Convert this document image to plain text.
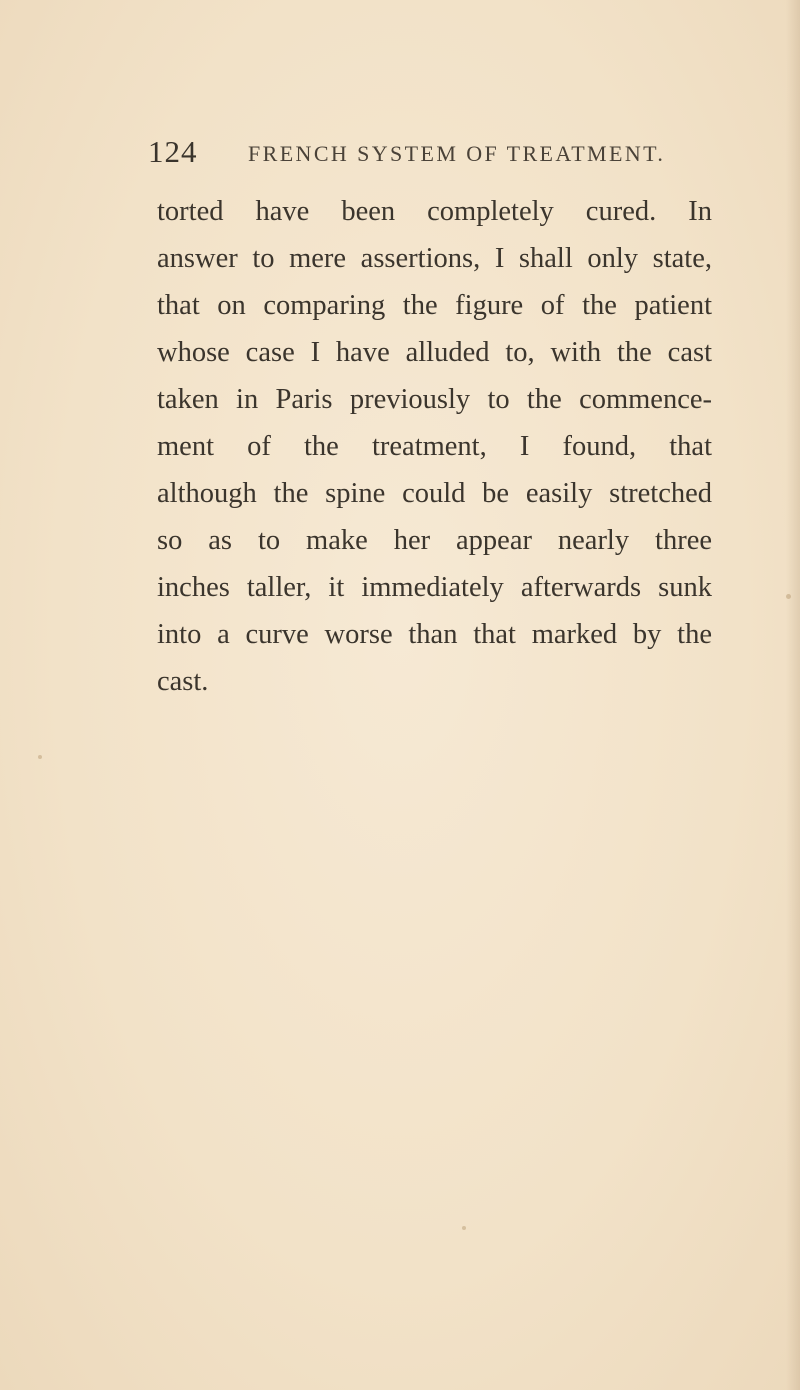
124 FRENCH SYSTEM OF TREATMENT.
torted have been completely cured. In
answer to mere assertions, I shall only state,
that on comparing the figure of the patient
whose case I have alluded to, with the cast
taken in Paris previously to the commence-
ment of the treatment, I found, that
although the spine could be easily stretched
so as to make her appear nearly three
inches taller, it immediately afterwards sunk
into a curve worse than that marked by the
cast.
